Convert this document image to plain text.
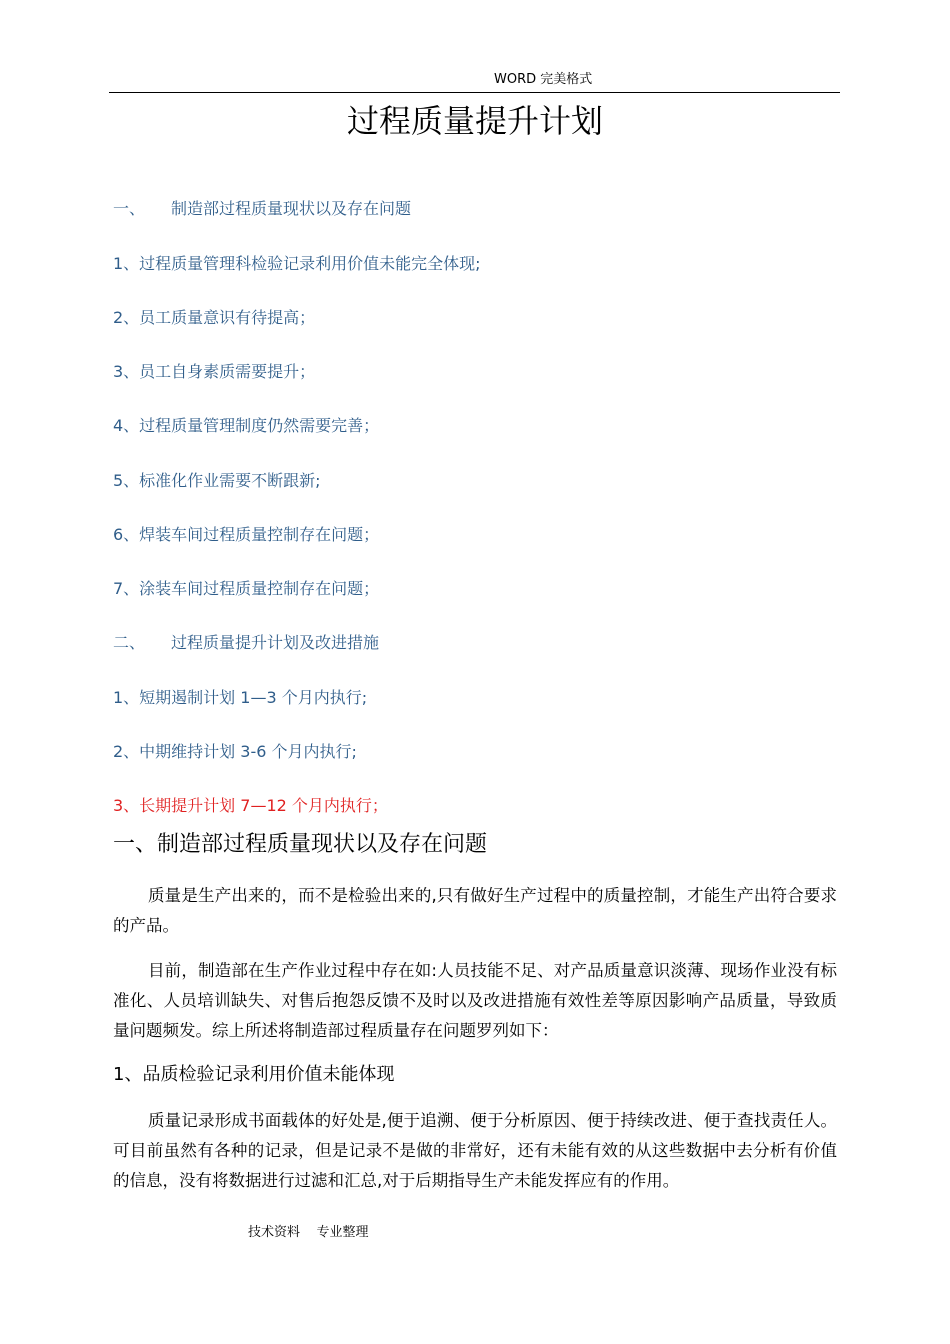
WORD 完美格式
过程质量提升计划
一、 制造部过程质量现状以及存在问题
1、过程质量管理科检验记录利用价值未能完全体现;
2、员工质量意识有待提高；
3、员工自身素质需要提升；
4、过程质量管理制度仍然需要完善；
5、标准化作业需要不断跟新;
6、焊装车间过程质量控制存在问题；
7、涂装车间过程质量控制存在问题；
二、 过程质量提升计划及改进措施
1、短期遏制计划 1—3 个月内执行;
2、中期维持计划 3-6 个月内执行;
3、长期提升计划 7—12 个月内执行；
一、制造部过程质量现状以及存在问题

质量是生产出来的，而不是检验出来的,只有做好生产过程中的质量控制，才能生产出符合要求的产品。

目前，制造部在生产作业过程中存在如:人员技能不足、对产品质量意识淡薄、现场作业没有标准化、人员培训缺失、对售后抱怨反馈不及时以及改进措施有效性差等原因影响产品质量，导致质量问题频发。综上所述将制造部过程质量存在问题罗列如下：

1、品质检验记录利用价值未能体现

质量记录形成书面载体的好处是,便于追溯、便于分析原因、便于持续改进、便于查找责任人。可目前虽然有各种的记录，但是记录不是做的非常好，还有未能有效的从这些数据中去分析有价值的信息，没有将数据进行过滤和汇总,对于后期指导生产未能发挥应有的作用。

技术资料    专业整理
